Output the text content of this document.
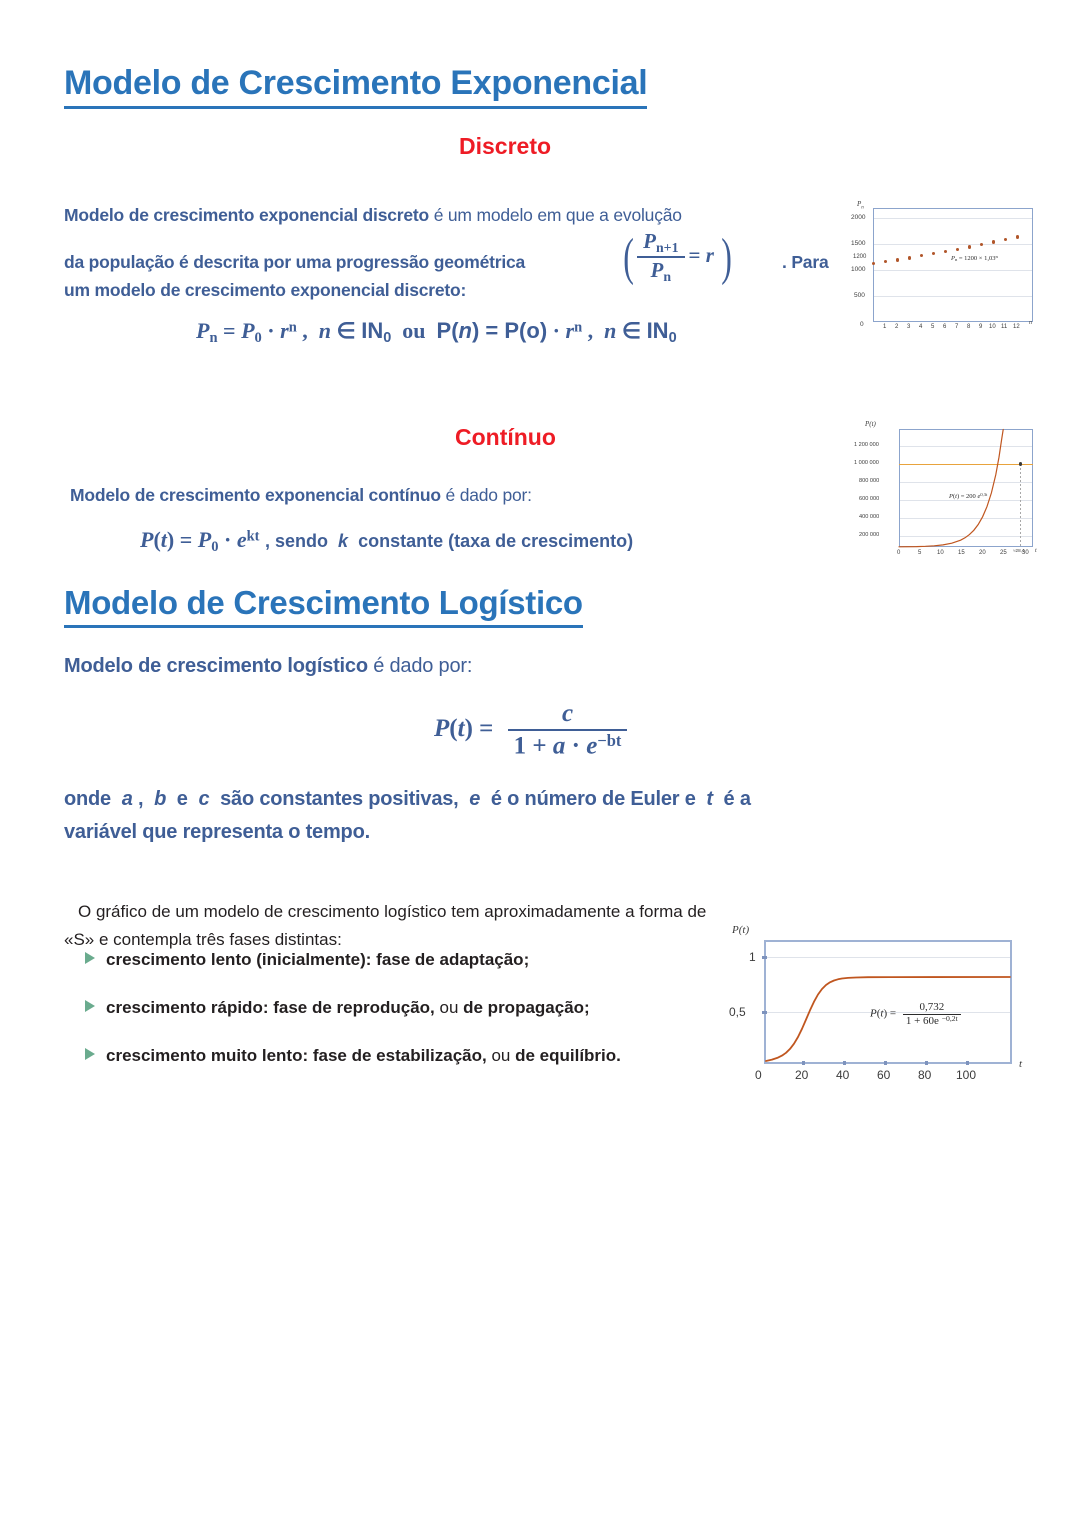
Modelo de Crescimento Exponencial
Discreto
Modelo de crescimento exponencial discreto é um modelo em que a evolução
da população é descrita por uma progressão geométrica	( $\frac{P_{n+1}}{P_n} = r$ )	. Para
um modelo de crescimento exponencial discreto:
$P_n = P_0 \cdot r^n$ ,  n ∈ $IN_0$  ou  $P(n) = P(o) \cdot r^n$ ,  n ∈ $IN_0$
$P_n$
2000
1500
1200
1000
500
0	1 2 3 4 5 6 7 8 9 10 11 12
n
$P_n = 1200 \times 1,03^n$
Contínuo
Modelo de crescimento exponencial contínuo é dado por:
$P(t) = P_0 \cdot e^{kt}$ , sendo  k  constante (taxa de crescimento)
P(t)
1 200 000
1 000 000
800 000
600 000
400 000
200 000
0	5	10 15 20 25 ≈28,4
30 t
P(t) = 200 $e^{0,3t}$
Modelo de Crescimento Logístico
Modelo de crescimento logístico é dado por:
$P(t) = \frac{c}{1 + a \cdot e^{-bt}}$
onde  a ,  b  e  c  são constantes positivas,  e  é o número de Euler e  t  é a
variável que representa o tempo.
O gráfico de um modelo de crescimento logístico tem aproximadamente a forma de
«S» e contempla três fases distintas:
crescimento lento (inicialmente): fase de adaptação;
crescimento rápido: fase de reprodução, ou de propagação;
crescimento muito lento: fase de estabilização, ou de equilíbrio.
P(t)
1
0,5
0	20 40 60 80 100
t
$P(t) = \frac{0,732}{1 + 60e ^{-0,2t}}$
